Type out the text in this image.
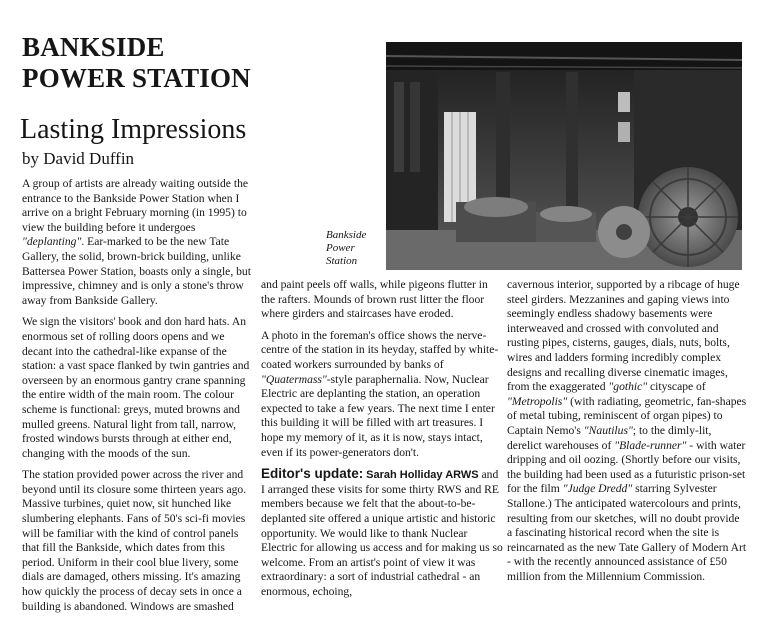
BANKSIDE
POWER STATION
Lasting Impressions
by David Duffin
Bankside
Power
Station

A group of artists are already waiting outside the entrance to the Bankside Power Station when I arrive on a bright February morning (in 1995) to view the building before it undergoes "deplanting". Ear-marked to be the new Tate Gallery, the solid, brown-brick building, unlike Battersea Power Station, boasts only a single, but impressive, chimney and is only a stone's throw away from Bankside Gallery.

We sign the visitors' book and don hard hats. An enormous set of rolling doors opens and we decant into the cathedral-like expanse of the station: a vast space flanked by twin gantries and overseen by an enormous gantry crane spanning the entire width of the main room. The colour scheme is functional: greys, muted browns and mulled greens. Natural light from tall, narrow, frosted windows bursts through at either end, changing with the moods of the sun.

The station provided power across the river and beyond until its closure some thirteen years ago. Massive turbines, quiet now, sit hunched like slumbering elephants. Fans of 50's sci-fi movies will be familiar with the kind of control panels that fill the Bankside, which dates from this period. Uniform in their cool blue livery, some dials are damaged, others missing. It's amazing how quickly the process of decay sets in once a building is abandoned. Windows are smashed

and paint peels off walls, while pigeons flutter in the rafters. Mounds of brown rust litter the floor where girders and staircases have eroded.

A photo in the foreman's office shows the nerve-centre of the station in its heyday, staffed by white-coated workers surrounded by banks of "Quatermass"-style paraphernalia. Now, Nuclear Electric are deplanting the station, an operation expected to take a few years. The next time I enter this building it will be filled with art treasures. I hope my memory of it, as it is now, stays intact, even if its power-generators don't.

Editor's update: Sarah Holliday ARWS and I arranged these visits for some thirty RWS and RE members because we felt that the about-to-be-deplanted site offered a unique artistic and historic opportunity. We would like to thank Nuclear Electric for allowing us access and for making us so welcome. From an artist's point of view it was extraordinary: a sort of industrial cathedral - an enormous, echoing,

cavernous interior, supported by a ribcage of huge steel girders. Mezzanines and gaping views into seemingly endless shadowy basements were interweaved and crossed with convoluted and rusting pipes, cisterns, gauges, dials, nuts, bolts, wires and ladders forming incredibly complex designs and recalling diverse cinematic images, from the exaggerated "gothic" cityscape of "Metropolis" (with radiating, geometric, fan-shapes of metal tubing, reminiscent of organ pipes) to Captain Nemo's "Nautilus"; to the dimly-lit, derelict warehouses of "Blade-runner" - with water dripping and oil oozing. (Shortly before our visits, the building had been used as a futuristic prison-set for the film "Judge Dredd" starring Sylvester Stallone.) The anticipated watercolours and prints, resulting from our sketches, will no doubt provide a fascinating historical record when the site is reincarnated as the new Tate Gallery of Modern Art - with the recently announced assistance of £50 million from the Millennium Commission.
